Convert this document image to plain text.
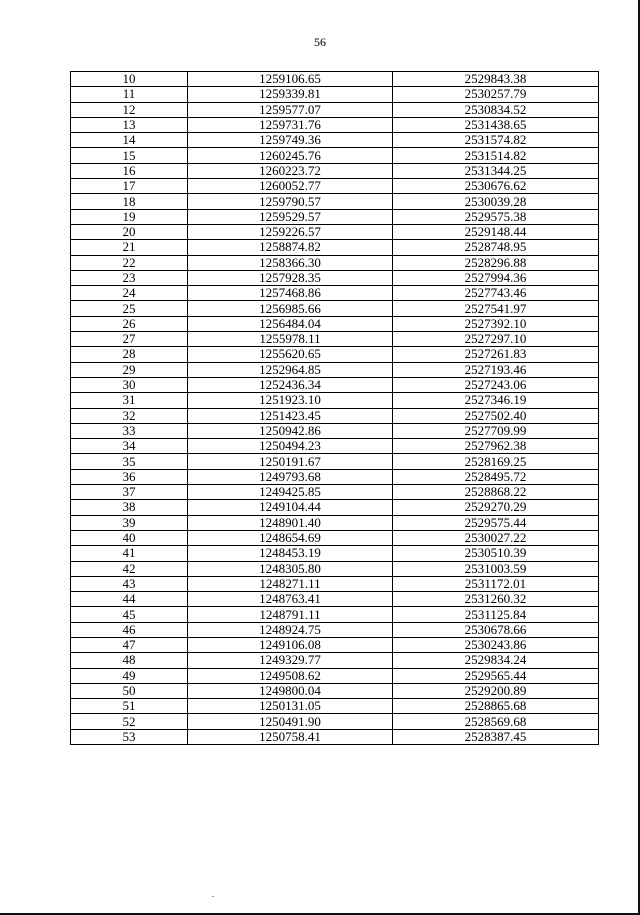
56
10	1259106.65	2529843.38
11	1259339.81	2530257.79
12	1259577.07	2530834.52
13	1259731.76	2531438.65
14	1259749.36	2531574.82
15	1260245.76	2531514.82
16	1260223.72	2531344.25
17	1260052.77	2530676.62
18	1259790.57	2530039.28
19	1259529.57	2529575.38
20	1259226.57	2529148.44
21	1258874.82	2528748.95
22	1258366.30	2528296.88
23	1257928.35	2527994.36
24	1257468.86	2527743.46
25	1256985.66	2527541.97
26	1256484.04	2527392.10
27	1255978.11	2527297.10
28	1255620.65	2527261.83
29	1252964.85	2527193.46
30	1252436.34	2527243.06
31	1251923.10	2527346.19
32	1251423.45	2527502.40
33	1250942.86	2527709.99
34	1250494.23	2527962.38
35	1250191.67	2528169.25
36	1249793.68	2528495.72
37	1249425.85	2528868.22
38	1249104.44	2529270.29
39	1248901.40	2529575.44
40	1248654.69	2530027.22
41	1248453.19	2530510.39
42	1248305.80	2531003.59
43	1248271.11	2531172.01
44	1248763.41	2531260.32
45	1248791.11	2531125.84
46	1248924.75	2530678.66
47	1249106.08	2530243.86
48	1249329.77	2529834.24
49	1249508.62	2529565.44
50	1249800.04	2529200.89
51	1250131.05	2528865.68
52	1250491.90	2528569.68
53	1250758.41	2528387.45
